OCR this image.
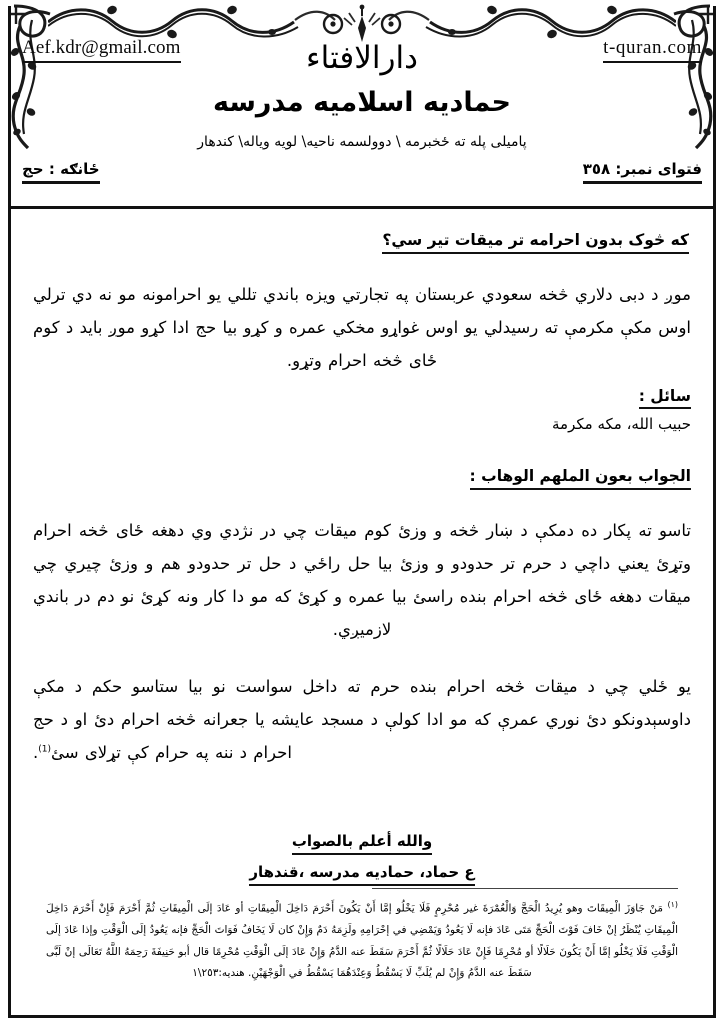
Aef.kdr@gmail.com	t-quran.com
دارالافتاء
حمادیه اسلامیه مدرسه
پامیلی پله ته ځخبرمه \ دوولسمه ناحیه\ لویه ویاله\ کندهار
فتوای نمبر: ٣٥٨
ځانګه : حج
که څوک بدون احرامه تر میقات تیر سي؟
موږ د دبی دلاري څخه سعودي عربستان په تجارتي ویزه باندي تللي یو احرامونه مو نه دي ترلي اوس مکې مکرمې ته رسیدلي یو اوس غواړو مخکي عمره و کړو بیا حج ادا کړو موږ باید د کوم ځای څخه احرام وتړو.
سائل :
حبیب الله، مکه مکرمة
الجواب بعون الملهم الوهاب :
تاسو ته پکار ده دمکې د ښار څخه و وزئ کوم میقات چي در نژدي وي دهغه ځای څخه احرام وتړئ یعني داچي د حرم تر حدودو و وزئ بیا حل راځي د حل تر حدودو هم و وزئ چیري چي میقات دهغه ځای څخه احرام بنده راسئ بیا عمره و کړئ که مو دا کار ونه کړئ نو دم در باندي لازمیږي.
یو ځلي چي د میقات څخه احرام بنده حرم ته داخل سواست نو بیا ستاسو حکم د مکې داوسېدونکو دئ نوري عمرې که مو ادا کولې د مسجد عایشه یا جعرانه څخه احرام دئ او د حج احرام د ننه په حرام کې تړلای سئ$^{(1)}$.
والله أعلم بالصواب
ع حماد، حمادیه مدرسه ،قندهار
$^{(١)}$ مَنْ جَاوَزَ الْمِيقَاتَ وهو يُرِيدُ الْحَجَّ وَالْعُمْرَةَ غير مُحْرِمٍ فَلَا يَخْلُو إمَّا أَنْ يَكُونَ أَحْرَمَ دَاخِلَ الْمِيقَاتِ أو عَادَ إلَى الْمِيقَاتِ ثُمَّ أَحْرَمَ فَإِنْ أَحْرَمَ دَاخِلَ الْمِيقَاتِ يُنْظَرُ إنْ خَافَ فَوْتَ الْحَجِّ مَتَى عَادَ فإنه لَا يَعُودُ وَيَمْضِي في إحْرَامِهِ ولَزِمَهُ دَمٌ وَإِنْ كان لَا يَخَافُ فَوَاتَ الْحَجِّ فإنه يَعُودُ إلَى الْوَقْتِ وإذا عَادَ إلَى الْوَقْتِ فَلَا يَخْلُو إمَّا أَنْ يَكُونَ حَلَالًا أو مُحْرِمًا فَإِنْ عَادَ حَلَالًا ثُمَّ أَحْرَمَ سَقَطَ عنه الدَّمُ وَإِنْ عَادَ إلَى الْوَقْتِ مُحْرِمًا قال أبو حَنِيفَةَ رَحِمَهُ اللَّهُ تَعَالَى إنْ لَبَّى سَقَطَ عنه الدَّمُ وَإِنْ لم يُلَبِّ لَا يَسْقُطُ وَعِنْدَهُمَا يَسْقُطُ في الْوَجْهَيْنِ. هندیه:٢٥٣\١
